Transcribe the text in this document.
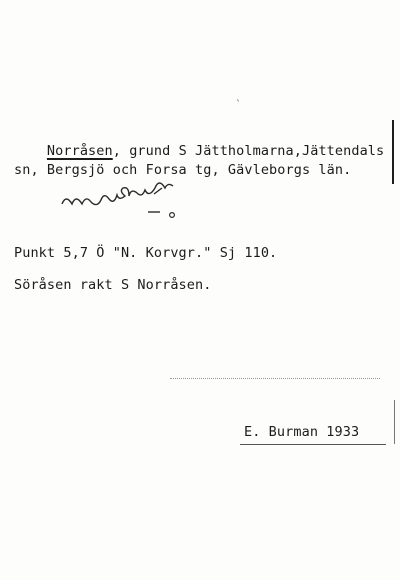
ˋ

Norråsen, grund S Jättholmarna,Jättendals

sn, Bergsjö och Forsa tg, Gävleborgs län.
Punkt 5,7 Ö "N. Korvgr." Sj 110.
Söråsen rakt S Norråsen.
E. Burman 1933
